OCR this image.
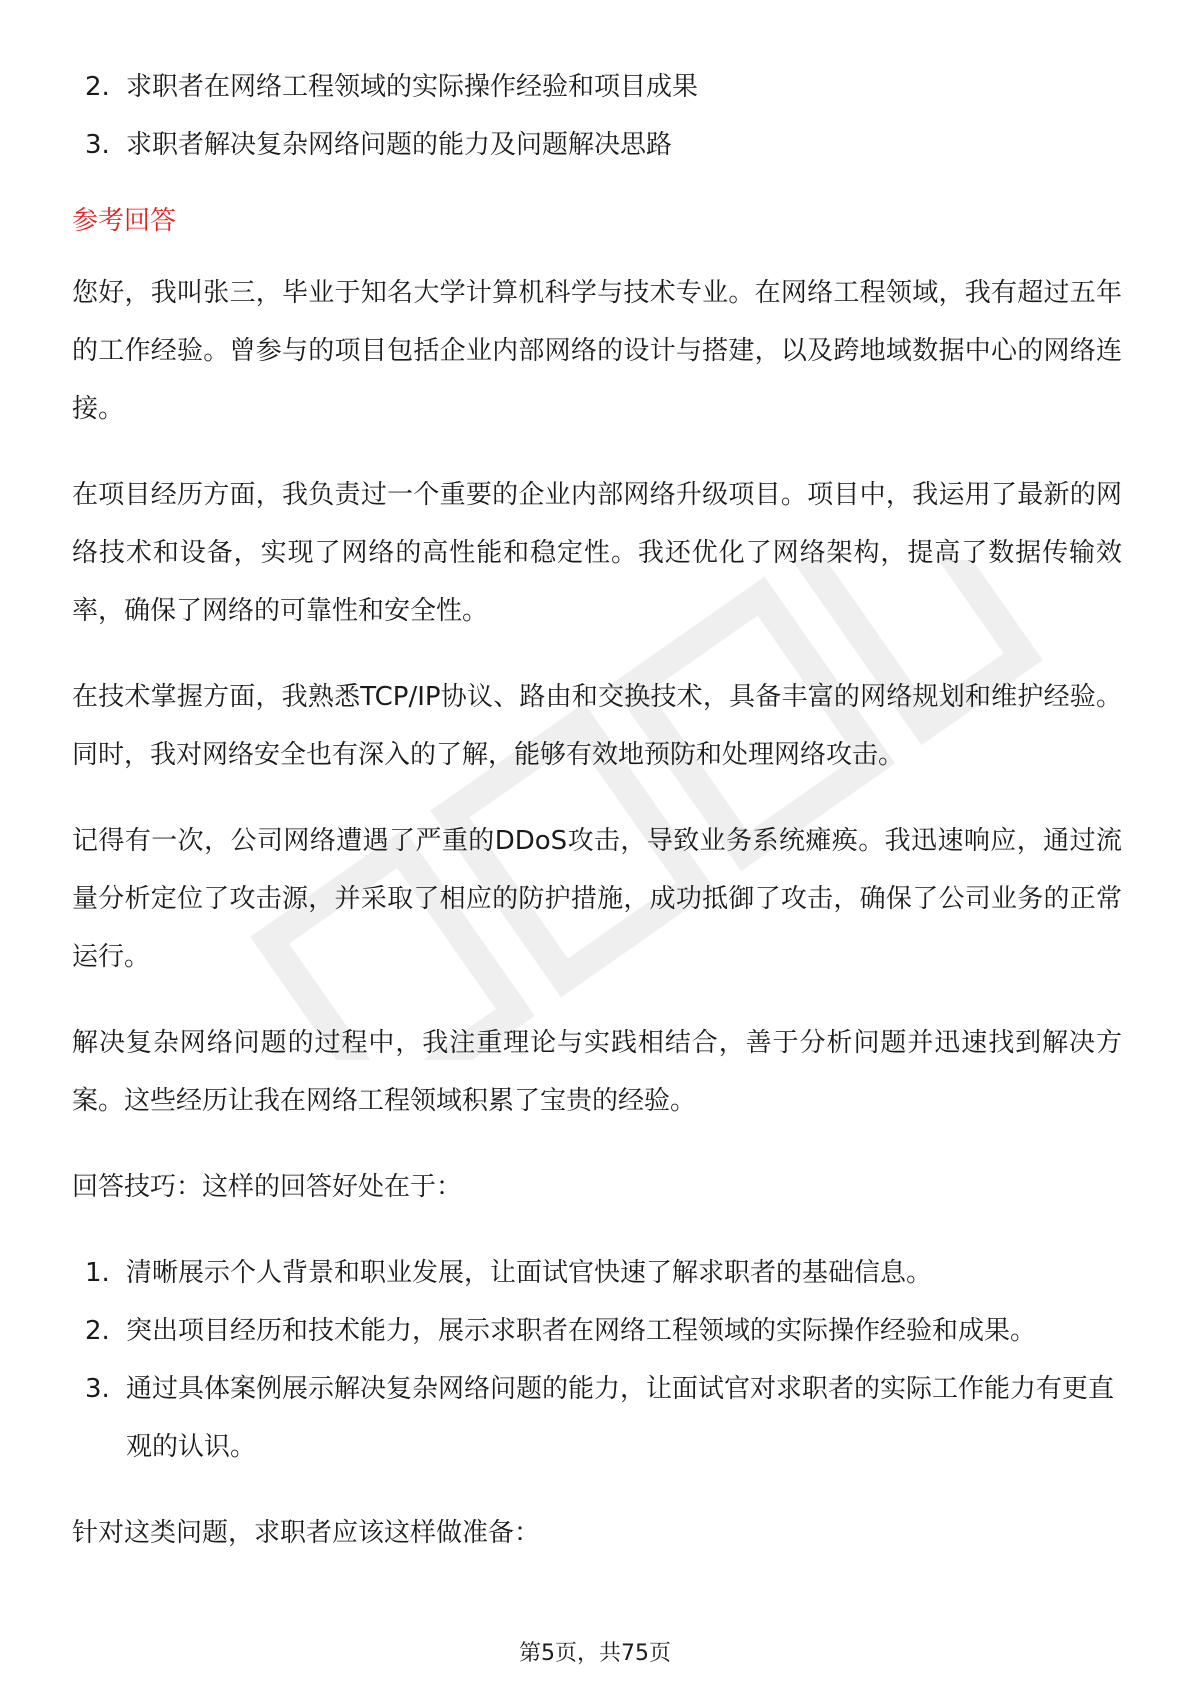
2. 求职者在网络工程领域的实际操作经验和项目成果
3. 求职者解决复杂网络问题的能力及问题解决思路
参考回答

您好，我叫张三，毕业于知名大学计算机科学与技术专业。在网络工程领域，我有超过五年的工作经验。曾参与的项目包括企业内部网络的设计与搭建，以及跨地域数据中心的网络连接。

在项目经历方面，我负责过一个重要的企业内部网络升级项目。项目中，我运用了最新的网络技术和设备，实现了网络的高性能和稳定性。我还优化了网络架构，提高了数据传输效率，确保了网络的可靠性和安全性。

在技术掌握方面，我熟悉TCP/IP协议、路由和交换技术，具备丰富的网络规划和维护经验。同时，我对网络安全也有深入的了解，能够有效地预防和处理网络攻击。

记得有一次，公司网络遭遇了严重的DDoS攻击，导致业务系统瘫痪。我迅速响应，通过流量分析定位了攻击源，并采取了相应的防护措施，成功抵御了攻击，确保了公司业务的正常运行。

解决复杂网络问题的过程中，我注重理论与实践相结合，善于分析问题并迅速找到解决方案。这些经历让我在网络工程领域积累了宝贵的经验。

回答技巧：这样的回答好处在于：
1. 清晰展示个人背景和职业发展，让面试官快速了解求职者的基础信息。
2. 突出项目经历和技术能力，展示求职者在网络工程领域的实际操作经验和成果。
3. 通过具体案例展示解决复杂网络问题的能力，让面试官对求职者的实际工作能力有更直观的认识。
针对这类问题，求职者应该这样做准备：
第5页，共75页
